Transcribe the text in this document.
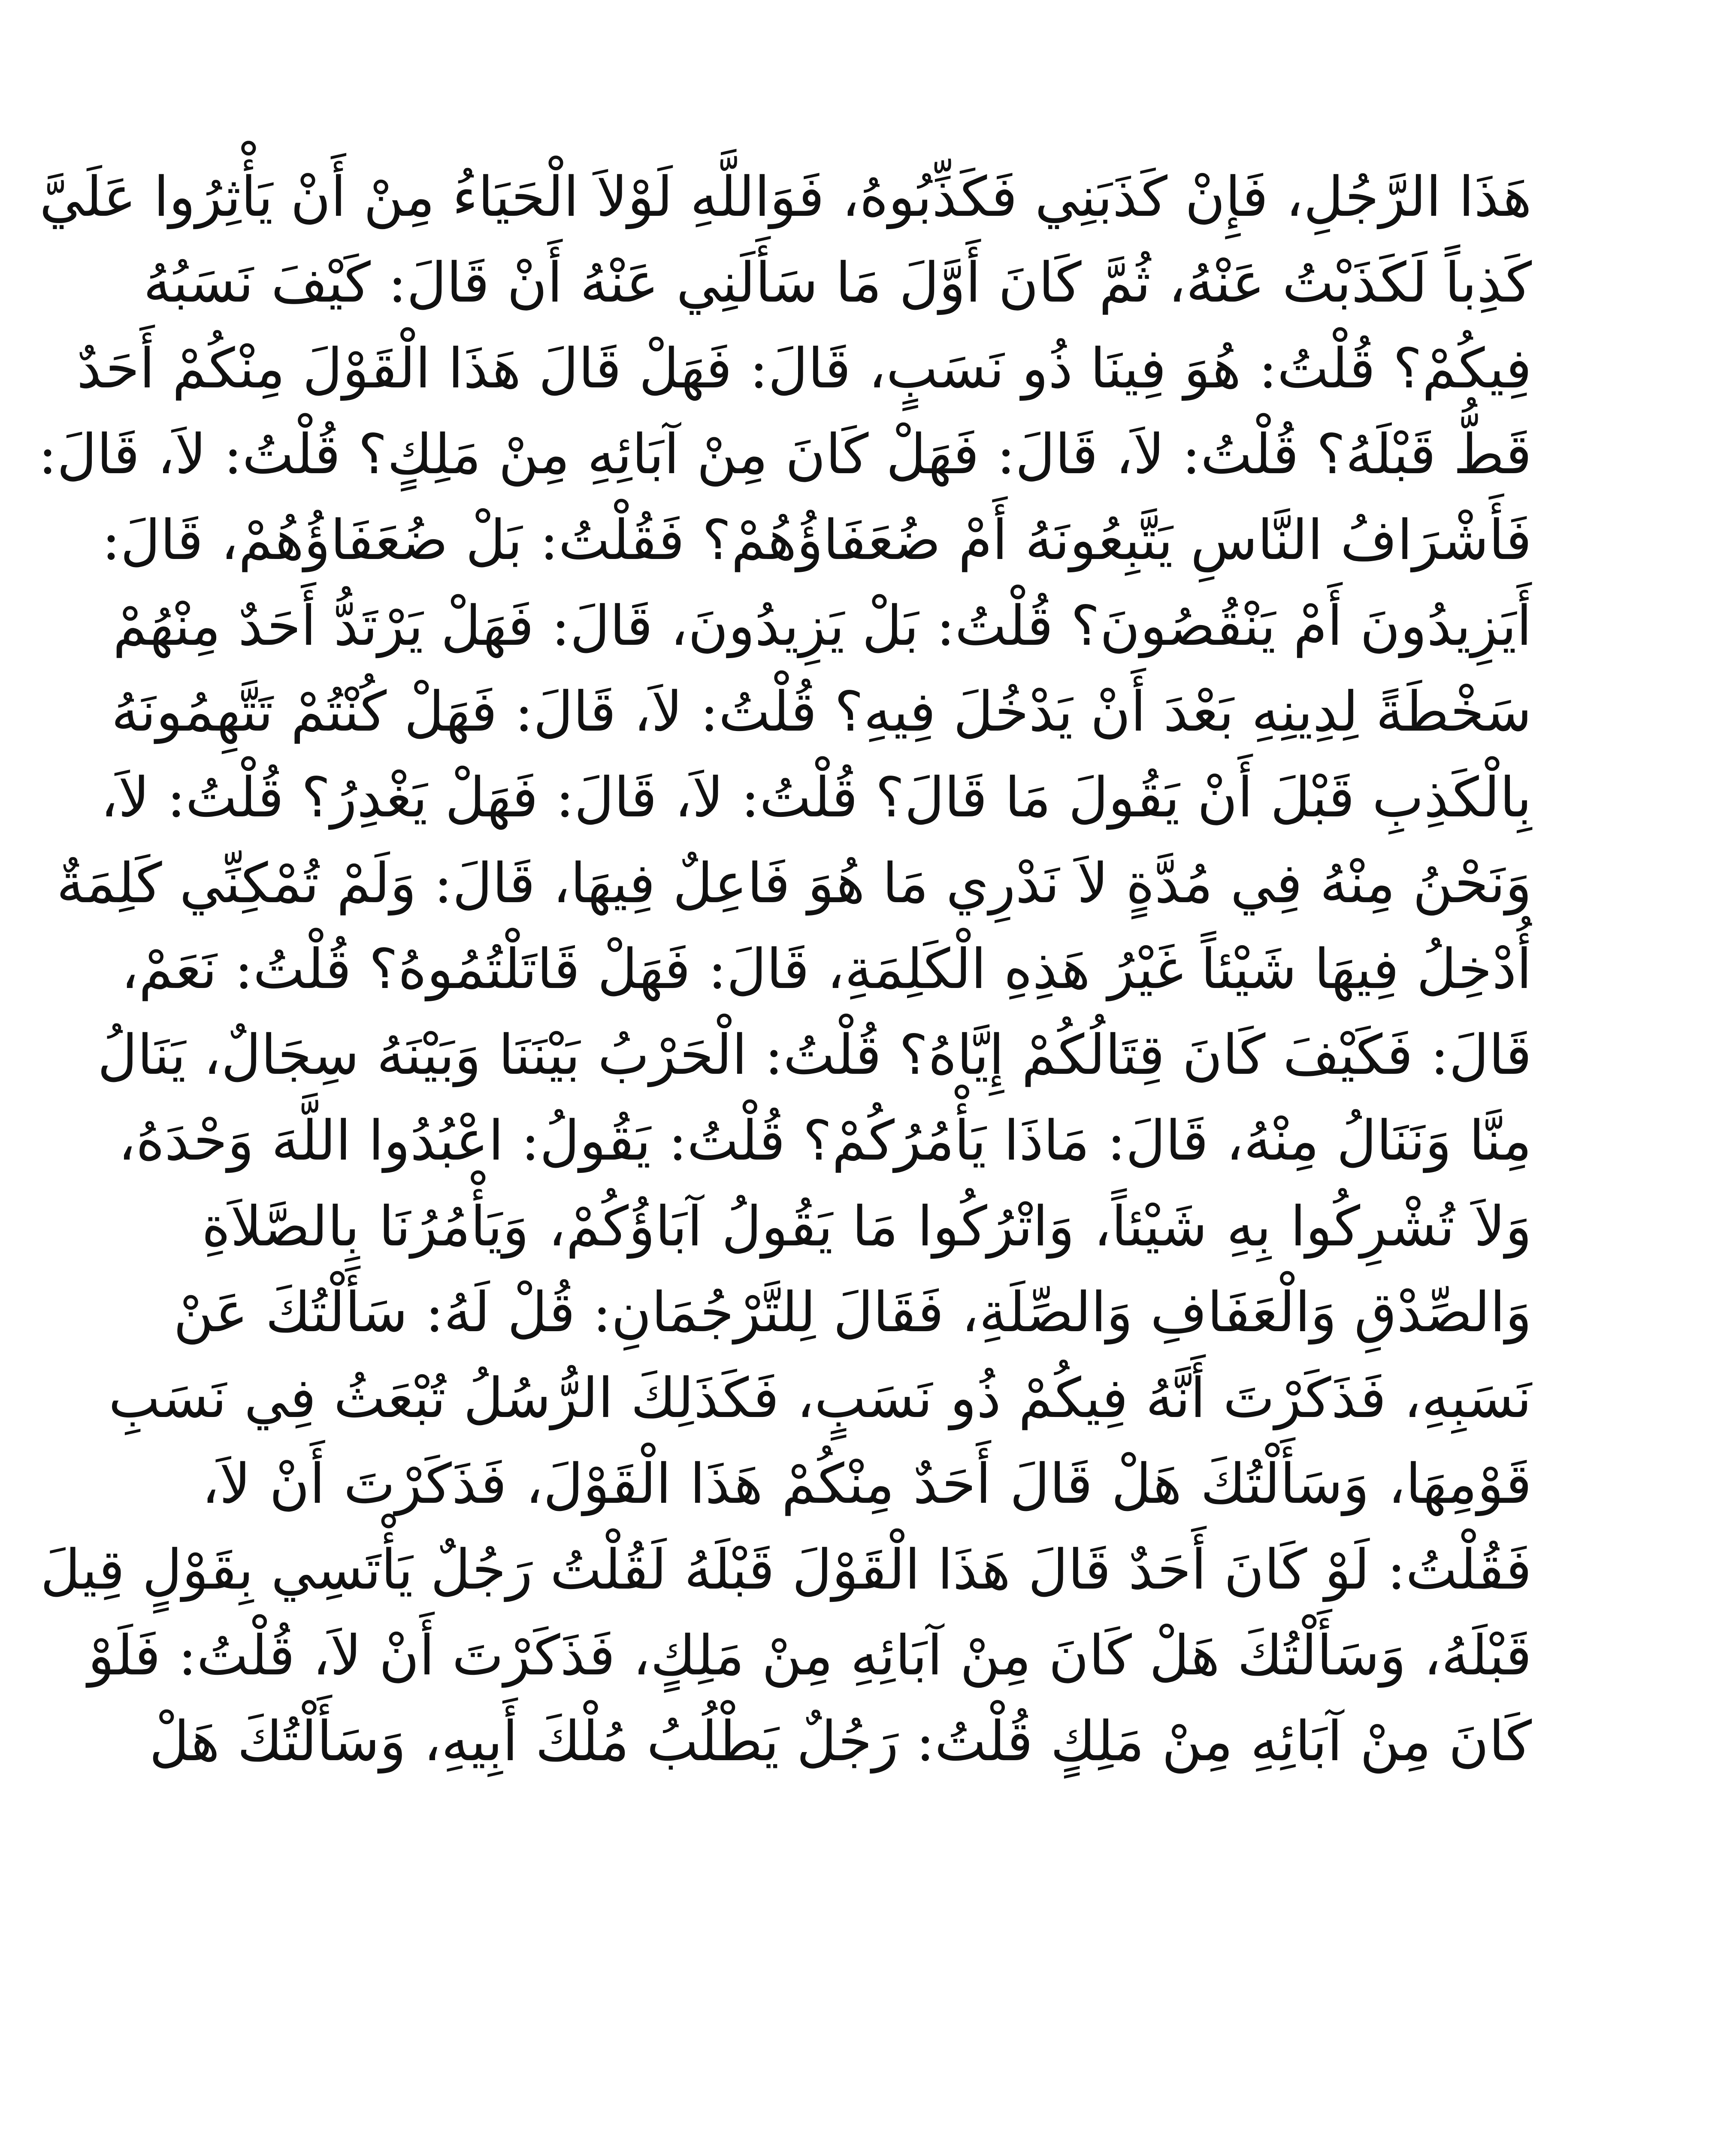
هَذَا الرَّجُلِ، فَإِنْ كَذَبَنِي فَكَذِّبُوهُ، فَوَاللَّهِ لَوْلاَ الْحَيَاءُ مِنْ أَنْ يَأْثِرُوا عَلَيَّ
كَذِباً لَكَذَبْتُ عَنْهُ، ثُمَّ كَانَ أَوَّلَ مَا سَأَلَنِي عَنْهُ أَنْ قَالَ: كَيْفَ نَسَبُهُ
فِيكُمْ؟ قُلْتُ: هُوَ فِينَا ذُو نَسَبٍ، قَالَ: فَهَلْ قَالَ هَذَا الْقَوْلَ مِنْكُمْ أَحَدٌ
قَطُّ قَبْلَهُ؟ قُلْتُ: لاَ، قَالَ: فَهَلْ كَانَ مِنْ آبَائِهِ مِنْ مَلِكٍ؟ قُلْتُ: لاَ، قَالَ:
فَأَشْرَافُ النَّاسِ يَتَّبِعُونَهُ أَمْ ضُعَفَاؤُهُمْ؟ فَقُلْتُ: بَلْ ضُعَفَاؤُهُمْ، قَالَ:
أَيَزِيدُونَ أَمْ يَنْقُصُونَ؟ قُلْتُ: بَلْ يَزِيدُونَ، قَالَ: فَهَلْ يَرْتَدُّ أَحَدٌ مِنْهُمْ
سَخْطَةً لِدِينِهِ بَعْدَ أَنْ يَدْخُلَ فِيهِ؟ قُلْتُ: لاَ، قَالَ: فَهَلْ كُنْتُمْ تَتَّهِمُونَهُ
بِالْكَذِبِ قَبْلَ أَنْ يَقُولَ مَا قَالَ؟ قُلْتُ: لاَ، قَالَ: فَهَلْ يَغْدِرُ؟ قُلْتُ: لاَ،
وَنَحْنُ مِنْهُ فِي مُدَّةٍ لاَ نَدْرِي مَا هُوَ فَاعِلٌ فِيهَا، قَالَ: وَلَمْ تُمْكِنِّي كَلِمَةٌ
أُدْخِلُ فِيهَا شَيْئاً غَيْرُ هَذِهِ الْكَلِمَةِ، قَالَ: فَهَلْ قَاتَلْتُمُوهُ؟ قُلْتُ: نَعَمْ،
قَالَ: فَكَيْفَ كَانَ قِتَالُكُمْ إِيَّاهُ؟ قُلْتُ: الْحَرْبُ بَيْنَنَا وَبَيْنَهُ سِجَالٌ، يَنَالُ
مِنَّا وَنَنَالُ مِنْهُ، قَالَ: مَاذَا يَأْمُرُكُمْ؟ قُلْتُ: يَقُولُ: اعْبُدُوا اللَّهَ وَحْدَهُ،
وَلاَ تُشْرِكُوا بِهِ شَيْئاً، وَاتْرُكُوا مَا يَقُولُ آبَاؤُكُمْ، وَيَأْمُرُنَا بِالصَّلاَةِ
وَالصِّدْقِ وَالْعَفَافِ وَالصِّلَةِ، فَقَالَ لِلتَّرْجُمَانِ: قُلْ لَهُ: سَأَلْتُكَ عَنْ
نَسَبِهِ، فَذَكَرْتَ أَنَّهُ فِيكُمْ ذُو نَسَبٍ، فَكَذَلِكَ الرُّسُلُ تُبْعَثُ فِي نَسَبِ
قَوْمِهَا، وَسَأَلْتُكَ هَلْ قَالَ أَحَدٌ مِنْكُمْ هَذَا الْقَوْلَ، فَذَكَرْتَ أَنْ لاَ،
فَقُلْتُ: لَوْ كَانَ أَحَدٌ قَالَ هَذَا الْقَوْلَ قَبْلَهُ لَقُلْتُ رَجُلٌ يَأْتَسِي بِقَوْلٍ قِيلَ
قَبْلَهُ، وَسَأَلْتُكَ هَلْ كَانَ مِنْ آبَائِهِ مِنْ مَلِكٍ، فَذَكَرْتَ أَنْ لاَ، قُلْتُ: فَلَوْ
كَانَ مِنْ آبَائِهِ مِنْ مَلِكٍ قُلْتُ: رَجُلٌ يَطْلُبُ مُلْكَ أَبِيهِ، وَسَأَلْتُكَ هَلْ
